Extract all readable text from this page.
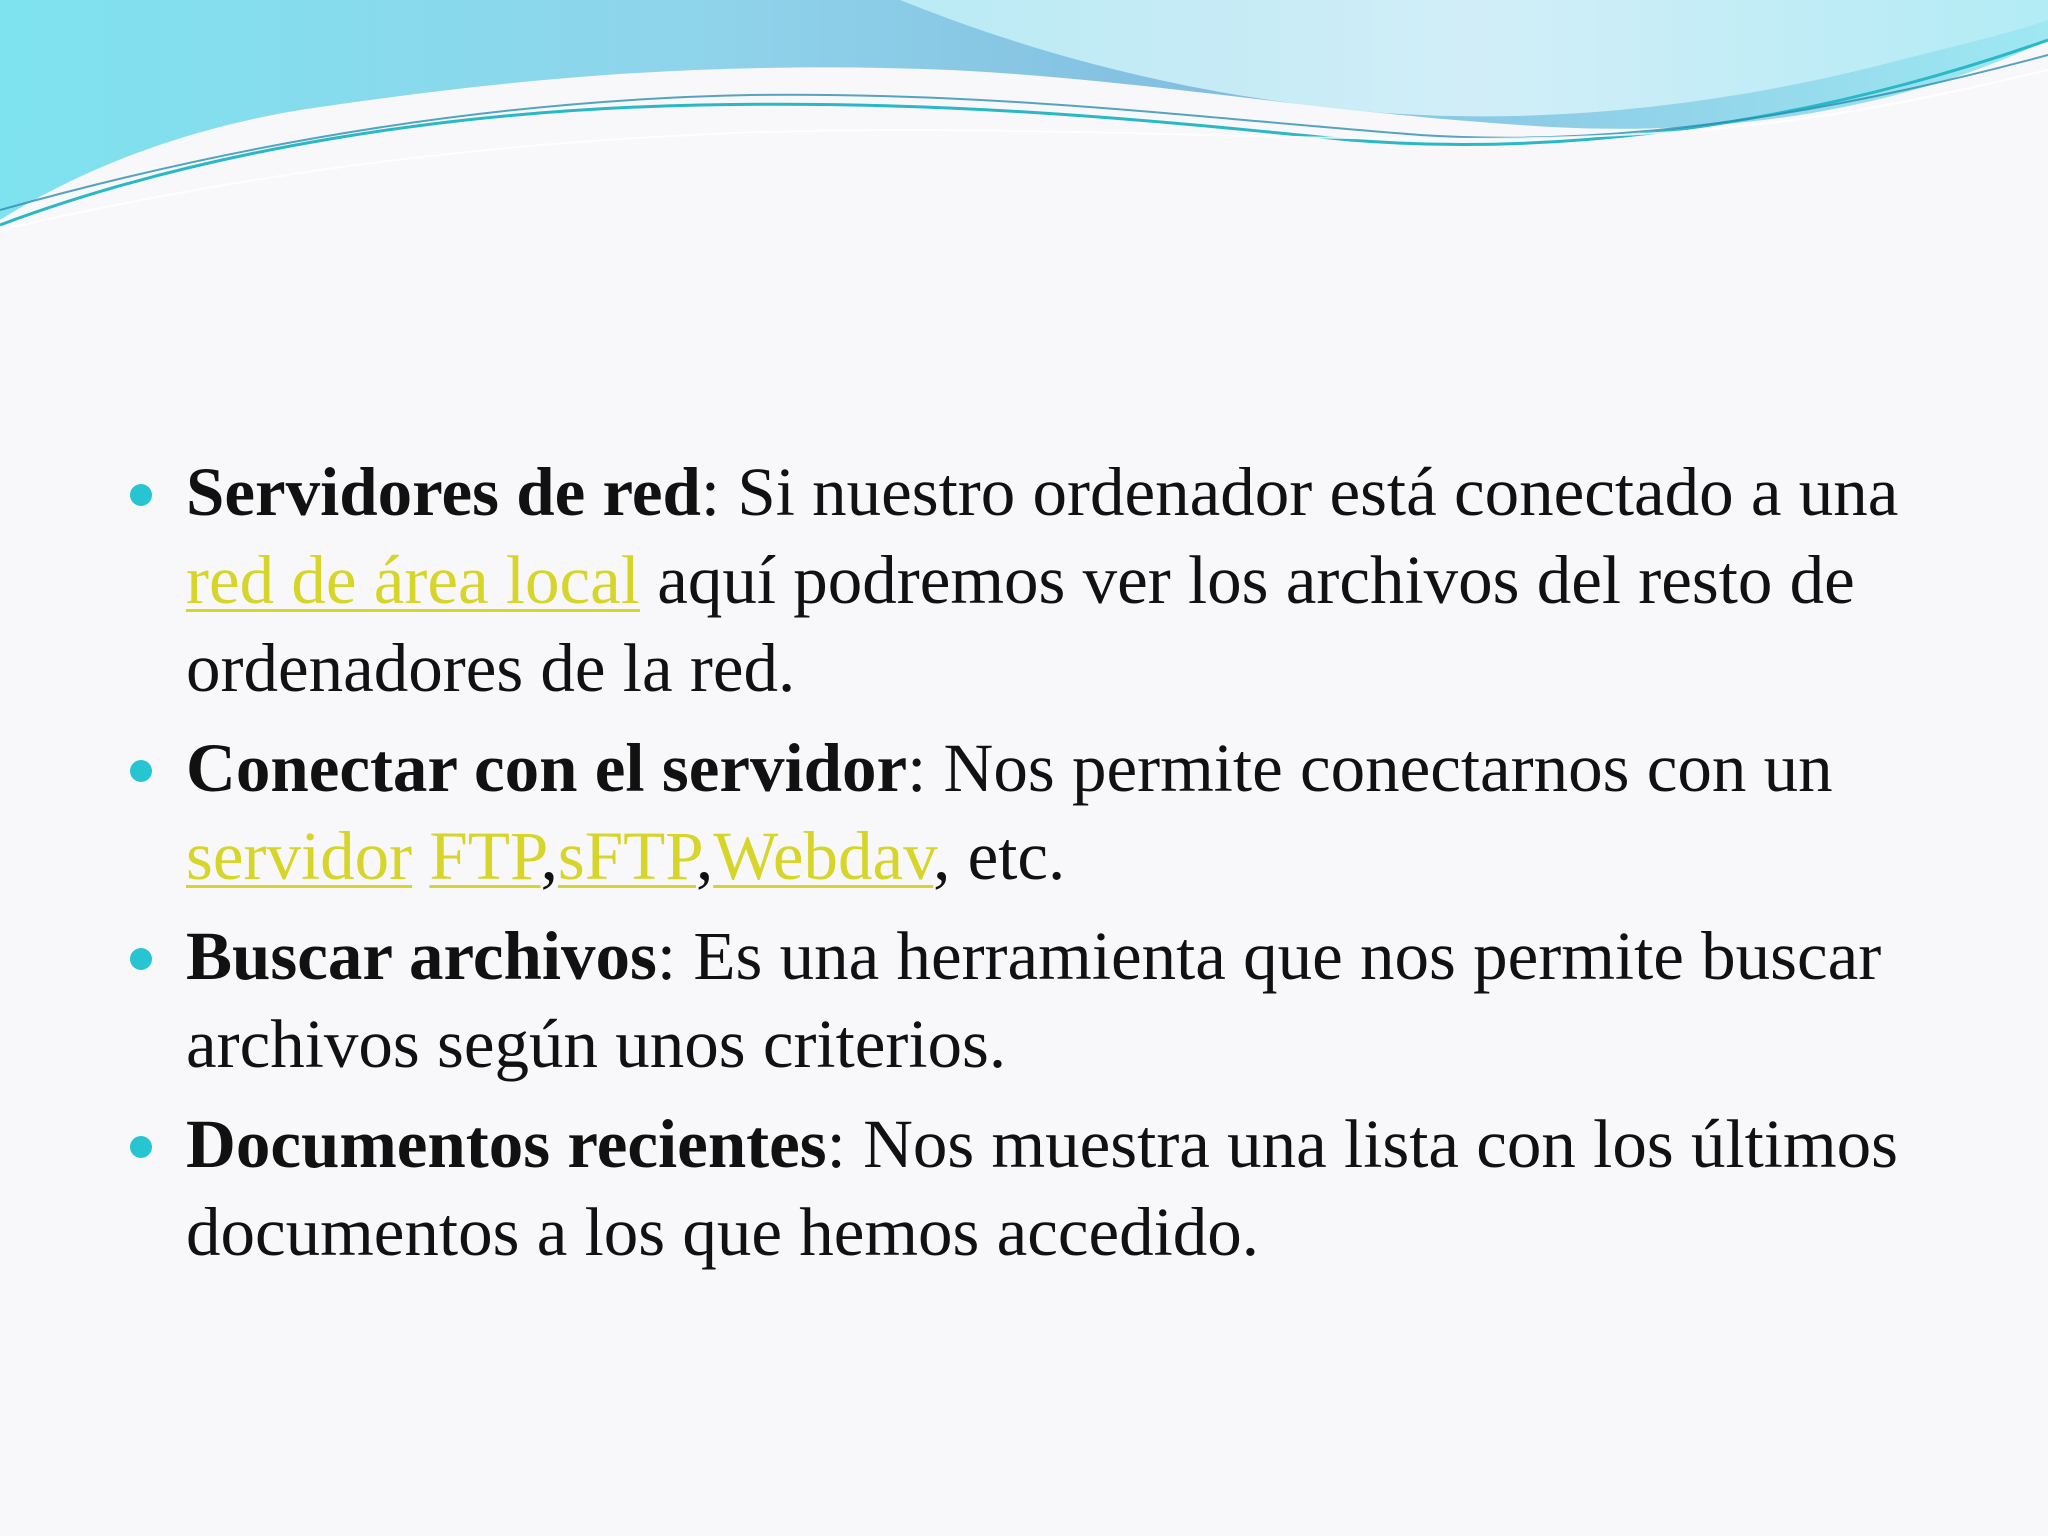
Servidores de red: Si nuestro ordenador está conectado a una red de área local aquí podremos ver los archivos del resto de ordenadores de la red.
Conectar con el servidor: Nos permite conectarnos con un servidor FTP,sFTP,Webdav, etc.
Buscar archivos: Es una herramienta que nos permite buscar archivos según unos criterios.
Documentos recientes: Nos muestra una lista con los últimos documentos a los que hemos accedido.
